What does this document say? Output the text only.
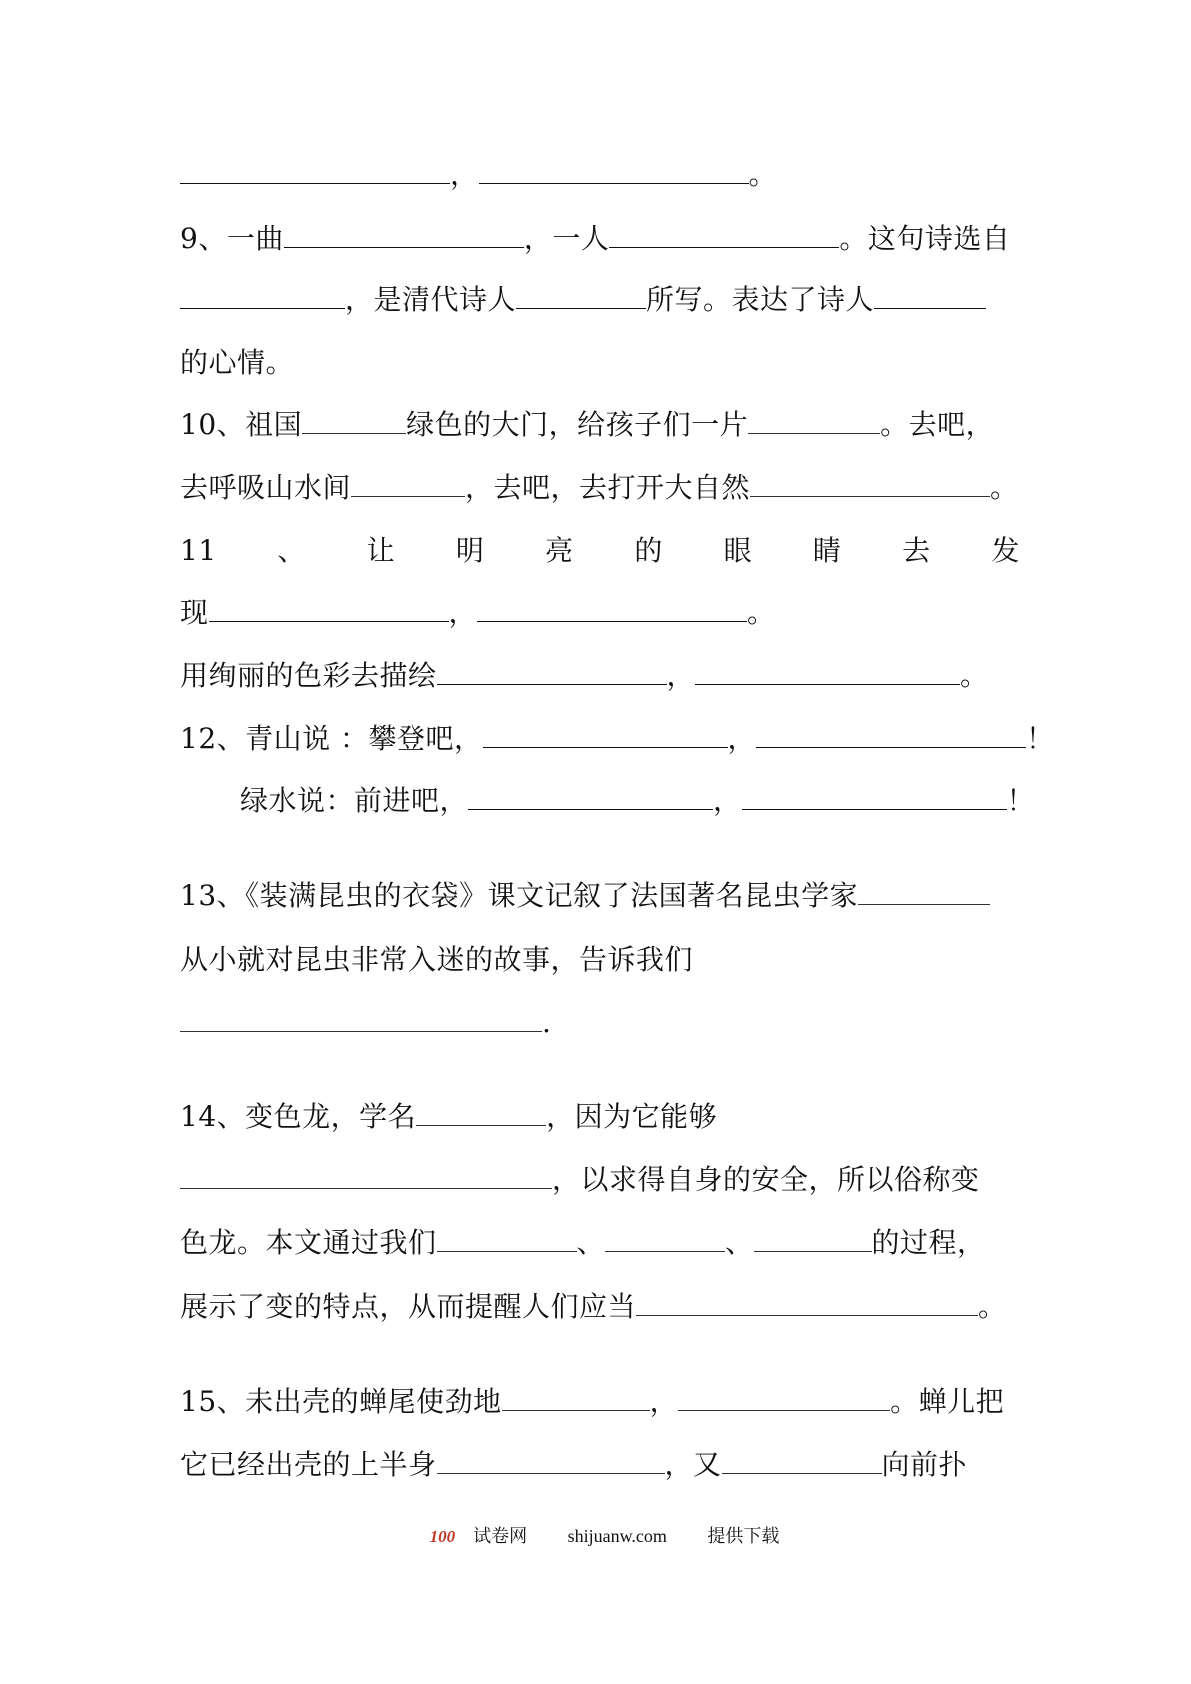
，	。
9、一曲	，一人	。这句诗选自
，是清代诗人	所写。表达了诗人
的心情。
10、祖国	绿色的大门，给孩子们一片	。去吧，
去呼吸山水间	，去吧，去打开大自然	。
11 、 让 明 亮 的 眼 睛 去 发
现	，	。
用绚丽的色彩去描绘	，	。
12、青山说 ：攀登吧，	，	！
绿水说：前进吧，	，	！
13、《装满昆虫的衣袋》课文记叙了法国著名昆虫学家
从小就对昆虫非常入迷的故事，告诉我们
.
14、变色龙，学名	，因为它能够
，以求得自身的安全，所以俗称变
色龙。本文通过我们	、	、	的过程，
展示了变的特点，从而提醒人们应当	。
15、未出壳的蝉尾使劲地	，	。蝉儿把
它已经出壳的上半身	，又	向前扑
100 试卷网 shijuanw.com 提供下载
